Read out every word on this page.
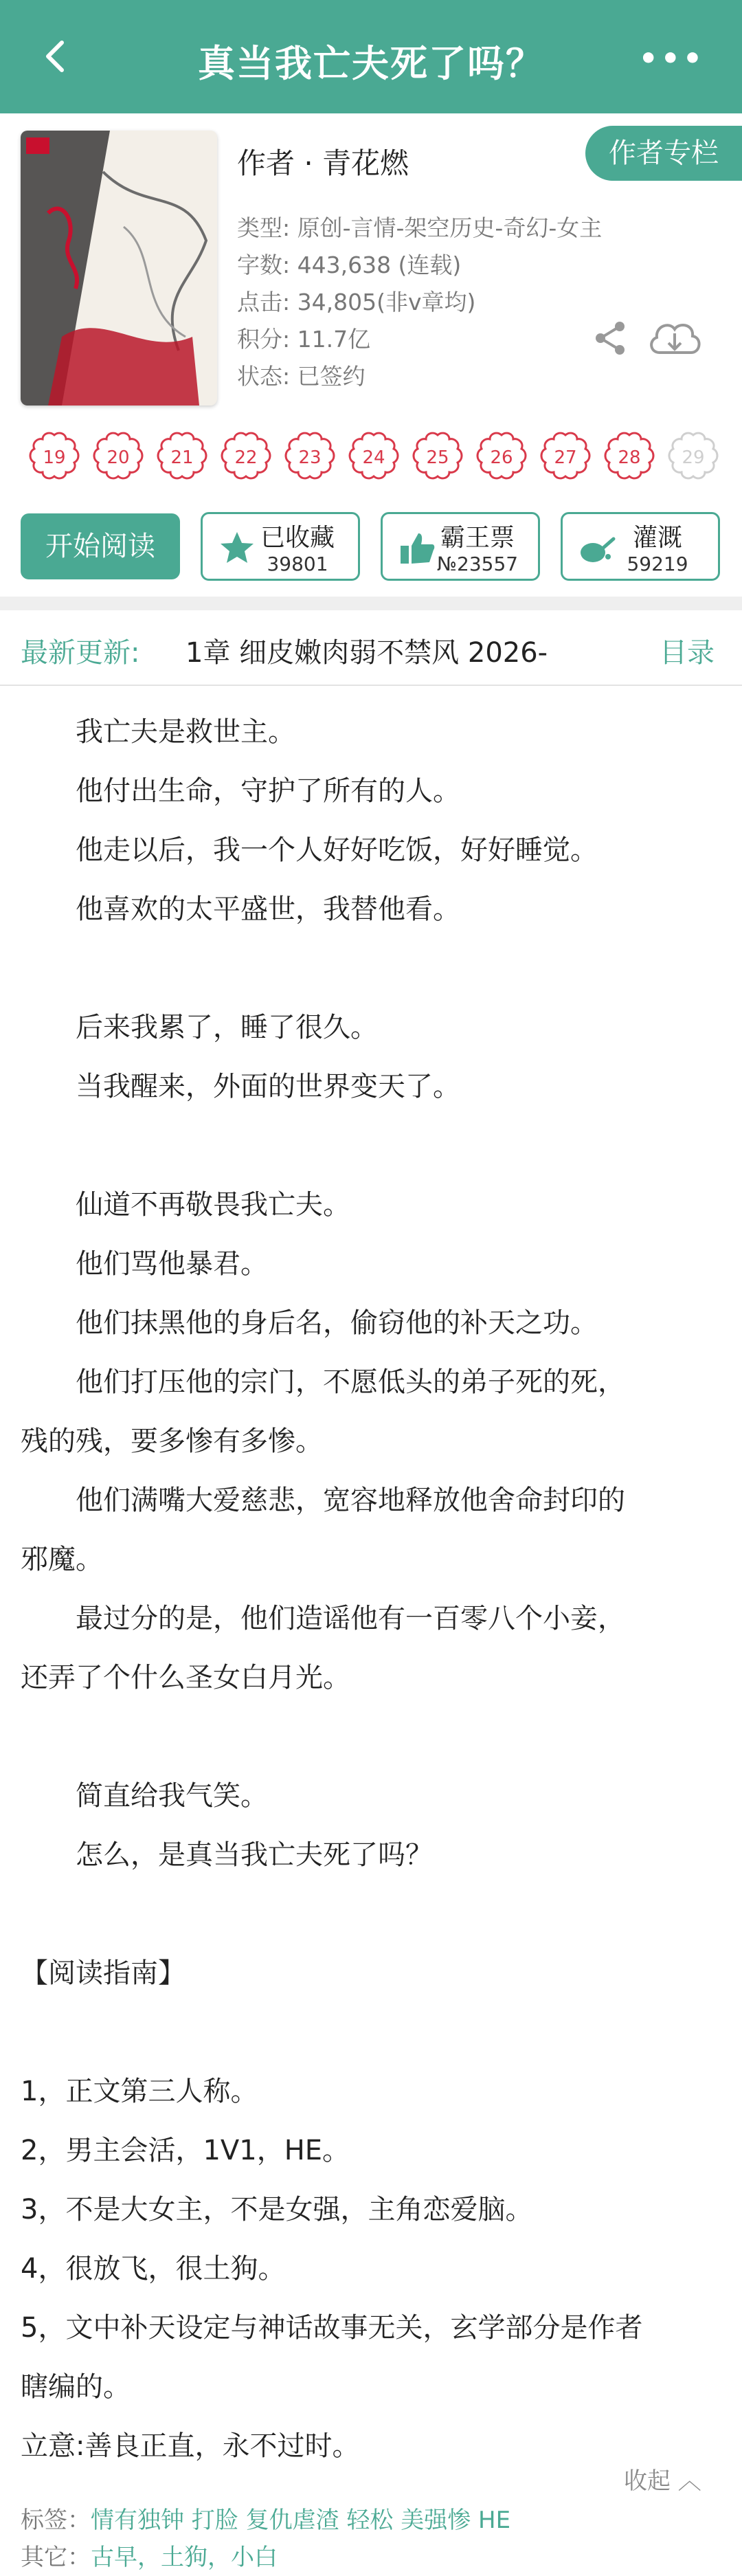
真当我亡夫死了吗？	•••
作者 · 青花燃	作者专栏
类型: 原创-言情-架空历史-奇幻-女主
字数: 443,638 (连载)
点击: 34,805(非v章均)
积分: 11.7亿
状态: 已签约
19	20	21	22	23	24	25	26	27	28	29
开始阅读	已收藏
39801
霸王票
№23557
灌溉
59219
最新更新: 1章 细皮嫩肉弱不禁风 2026-	目录

　　我亡夫是救世主。

　　他付出生命，守护了所有的人。

　　他走以后，我一个人好好吃饭，好好睡觉。

　　他喜欢的太平盛世，我替他看。

　　后来我累了，睡了很久。

　　当我醒来，外面的世界变天了。

　　仙道不再敬畏我亡夫。

　　他们骂他暴君。

　　他们抹黑他的身后名，偷窃他的补天之功。

　　他们打压他的宗门，不愿低头的弟子死的死，

残的残，要多惨有多惨。

　　他们满嘴大爱慈悲，宽容地释放他舍命封印的

邪魔。

　　最过分的是，他们造谣他有一百零八个小妾，

还弄了个什么圣女白月光。

　　简直给我气笑。

　　怎么，是真当我亡夫死了吗？

【阅读指南】

1，正文第三人称。

2，男主会活，1V1，HE。

3，不是大女主，不是女强，主角恋爱脑。

4，很放飞，很土狗。

5，文中补天设定与神话故事无关，玄学部分是作者

瞎编的。

立意:善良正直，永不过时。

收起 ︿
标签：情有独钟 打脸 复仇虐渣 轻松 美强惨 HE
其它：古早，土狗，小白
